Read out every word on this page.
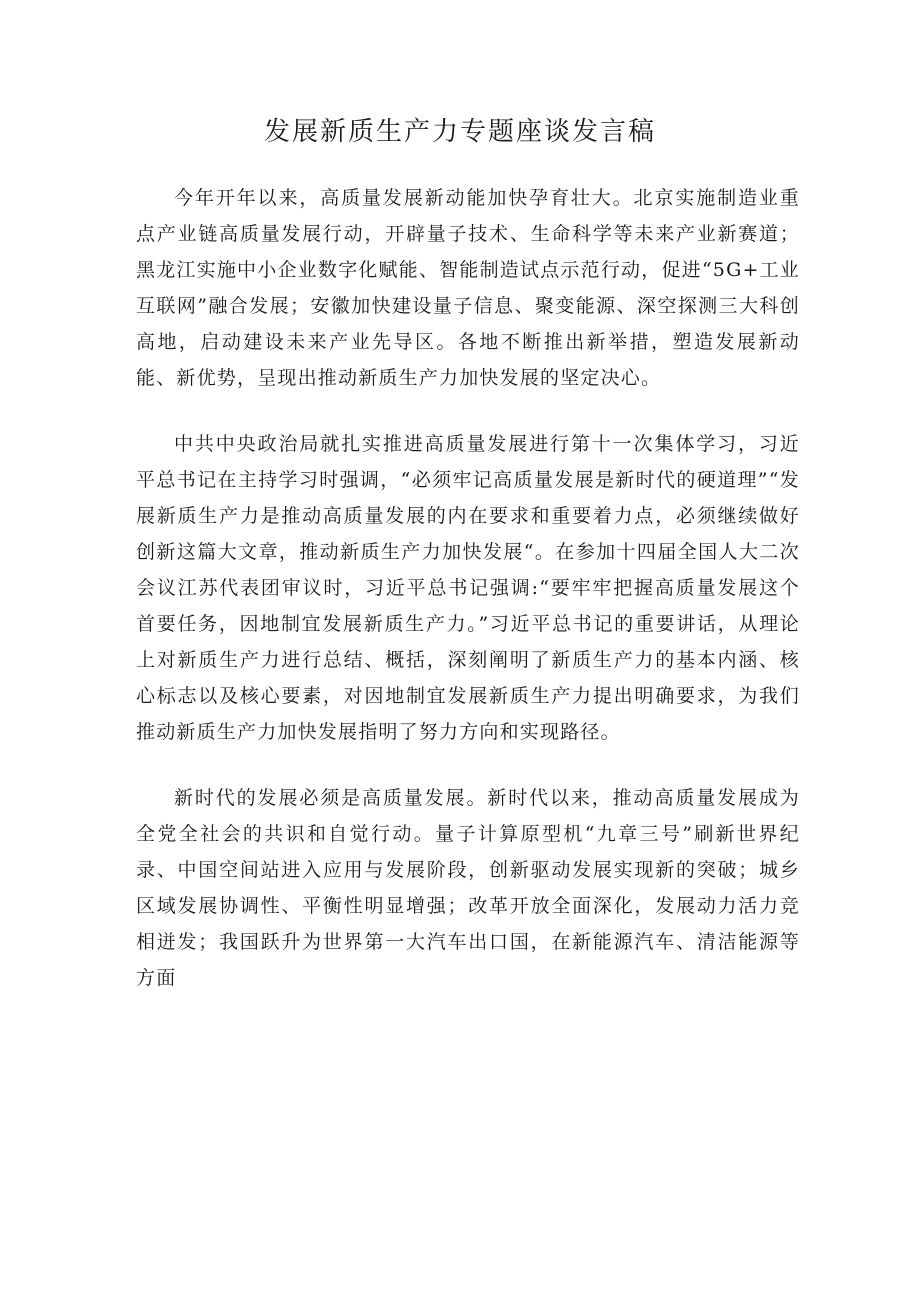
发展新质生产力专题座谈发言稿

今年开年以来，高质量发展新动能加快孕育壮大。北京实施制造业重点产业链高质量发展行动，开辟量子技术、生命科学等未来产业新赛道；黑龙江实施中小企业数字化赋能、智能制造试点示范行动，促进“5G+工业互联网”融合发展；安徽加快建设量子信息、聚变能源、深空探测三大科创高地，启动建设未来产业先导区。各地不断推出新举措，塑造发展新动能、新优势，呈现出推动新质生产力加快发展的坚定决心。

中共中央政治局就扎实推进高质量发展进行第十一次集体学习，习近平总书记在主持学习时强调，“必须牢记高质量发展是新时代的硬道理”“发展新质生产力是推动高质量发展的内在要求和重要着力点，必须继续做好创新这篇大文章，推动新质生产力加快发展“。在参加十四届全国人大二次会议江苏代表团审议时，习近平总书记强调:“要牢牢把握高质量发展这个首要任务，因地制宜发展新质生产力。”习近平总书记的重要讲话，从理论上对新质生产力进行总结、概括，深刻阐明了新质生产力的基本内涵、核心标志以及核心要素，对因地制宜发展新质生产力提出明确要求，为我们推动新质生产力加快发展指明了努力方向和实现路径。

新时代的发展必须是高质量发展。新时代以来，推动高质量发展成为全党全社会的共识和自觉行动。量子计算原型机“九章三号”刷新世界纪录、中国空间站进入应用与发展阶段，创新驱动发展实现新的突破；城乡区域发展协调性、平衡性明显增强；改革开放全面深化，发展动力活力竞相迸发；我国跃升为世界第一大汽车出口国，在新能源汽车、清洁能源等方面
